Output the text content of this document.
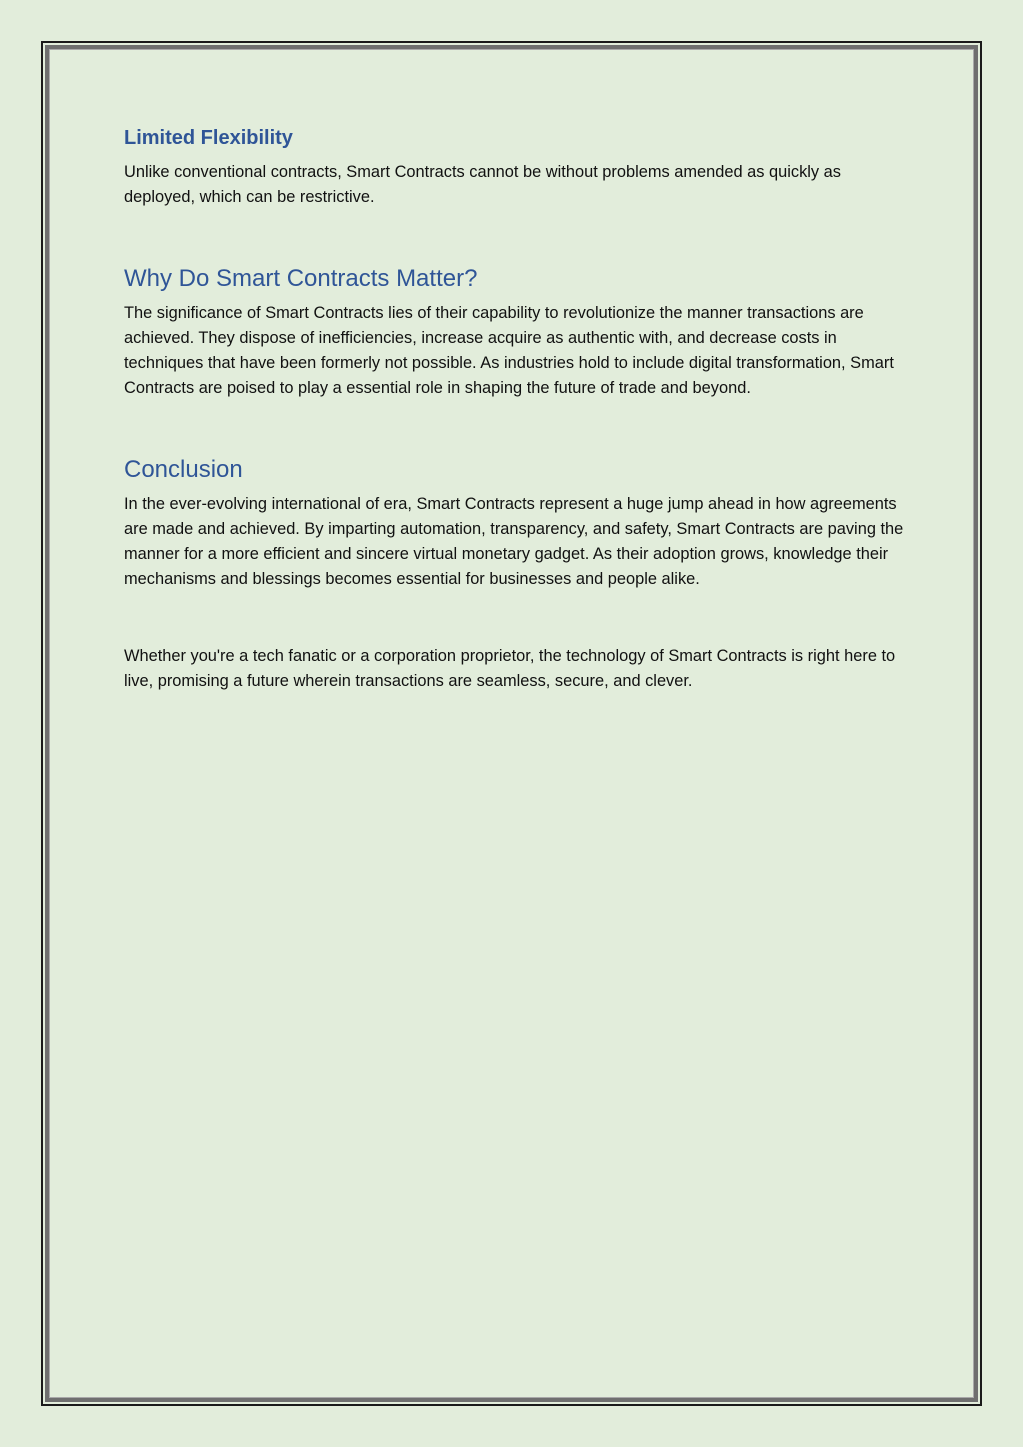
Limited Flexibility

Unlike conventional contracts, Smart Contracts cannot be without problems amended as quickly as deployed, which can be restrictive.

Why Do Smart Contracts Matter?

The significance of Smart Contracts lies of their capability to revolutionize the manner transactions are achieved. They dispose of inefficiencies, increase acquire as authentic with, and decrease costs in techniques that have been formerly not possible. As industries hold to include digital transformation, Smart Contracts are poised to play a essential role in shaping the future of trade and beyond.

Conclusion

In the ever-evolving international of era, Smart Contracts represent a huge jump ahead in how agreements are made and achieved. By imparting automation, transparency, and safety, Smart Contracts are paving the manner for a more efficient and sincere virtual monetary gadget. As their adoption grows, knowledge their mechanisms and blessings becomes essential for businesses and people alike.

Whether you're a tech fanatic or a corporation proprietor, the technology of Smart Contracts is right here to live, promising a future wherein transactions are seamless, secure, and clever.
